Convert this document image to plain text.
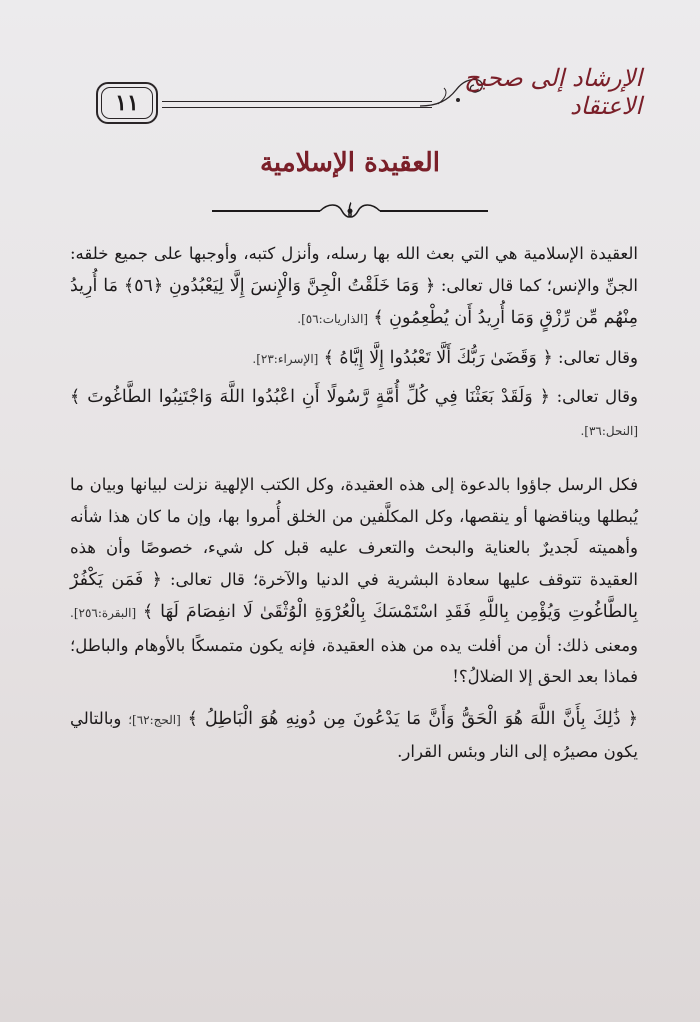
١١
الإرشاد إلى صحيح الاعتقاد
العقيدة الإسلامية

العقيدة الإسلامية هي التي بعث الله بها رسله، وأنزل كتبه، وأوجبها على جميع خلقه: الجنِّ والإنس؛ كما قال تعالى: ﴿ وَمَا خَلَقْتُ الْجِنَّ وَالْإِنسَ إِلَّا لِيَعْبُدُونِ ﴿٥٦﴾ مَا أُرِيدُ مِنْهُم مِّن رِّزْقٍ وَمَا أُرِيدُ أَن يُطْعِمُونِ ﴾ [الذاريات:٥٦].

وقال تعالى: ﴿ وَقَضَىٰ رَبُّكَ أَلَّا تَعْبُدُوا إِلَّا إِيَّاهُ ﴾ [الإسراء:٢٣].

وقال تعالى: ﴿ وَلَقَدْ بَعَثْنَا فِي كُلِّ أُمَّةٍ رَّسُولًا أَنِ اعْبُدُوا اللَّهَ وَاجْتَنِبُوا الطَّاغُوتَ ﴾ [النحل:٣٦].

فكل الرسل جاؤوا بالدعوة إلى هذه العقيدة، وكل الكتب الإلهية نزلت لبيانها وبيان ما يُبطلها ويناقضها أو ينقصها، وكل المكلَّفين من الخلق أُمروا بها، وإن ما كان هذا شأنه وأهميته لَجديرٌ بالعناية والبحث والتعرف عليه قبل كل شيء، خصوصًا وأن هذه العقيدة تتوقف عليها سعادة البشرية في الدنيا والآخرة؛ قال تعالى: ﴿ فَمَن يَكْفُرْ بِالطَّاغُوتِ وَيُؤْمِن بِاللَّهِ فَقَدِ اسْتَمْسَكَ بِالْعُرْوَةِ الْوُثْقَىٰ لَا انفِصَامَ لَهَا ﴾ [البقرة:٢٥٦]. ومعنى ذلك: أن من أفلت يده من هذه العقيدة، فإنه يكون متمسكًا بالأوهام والباطل؛ فماذا بعد الحق إلا الضلالُ؟!

﴿ ذَٰلِكَ بِأَنَّ اللَّهَ هُوَ الْحَقُّ وَأَنَّ مَا يَدْعُونَ مِن دُونِهِ هُوَ الْبَاطِلُ ﴾ [الحج:٦٢]؛ وبالتالي يكون مصيرُه إلى النار وبئس القرار.
